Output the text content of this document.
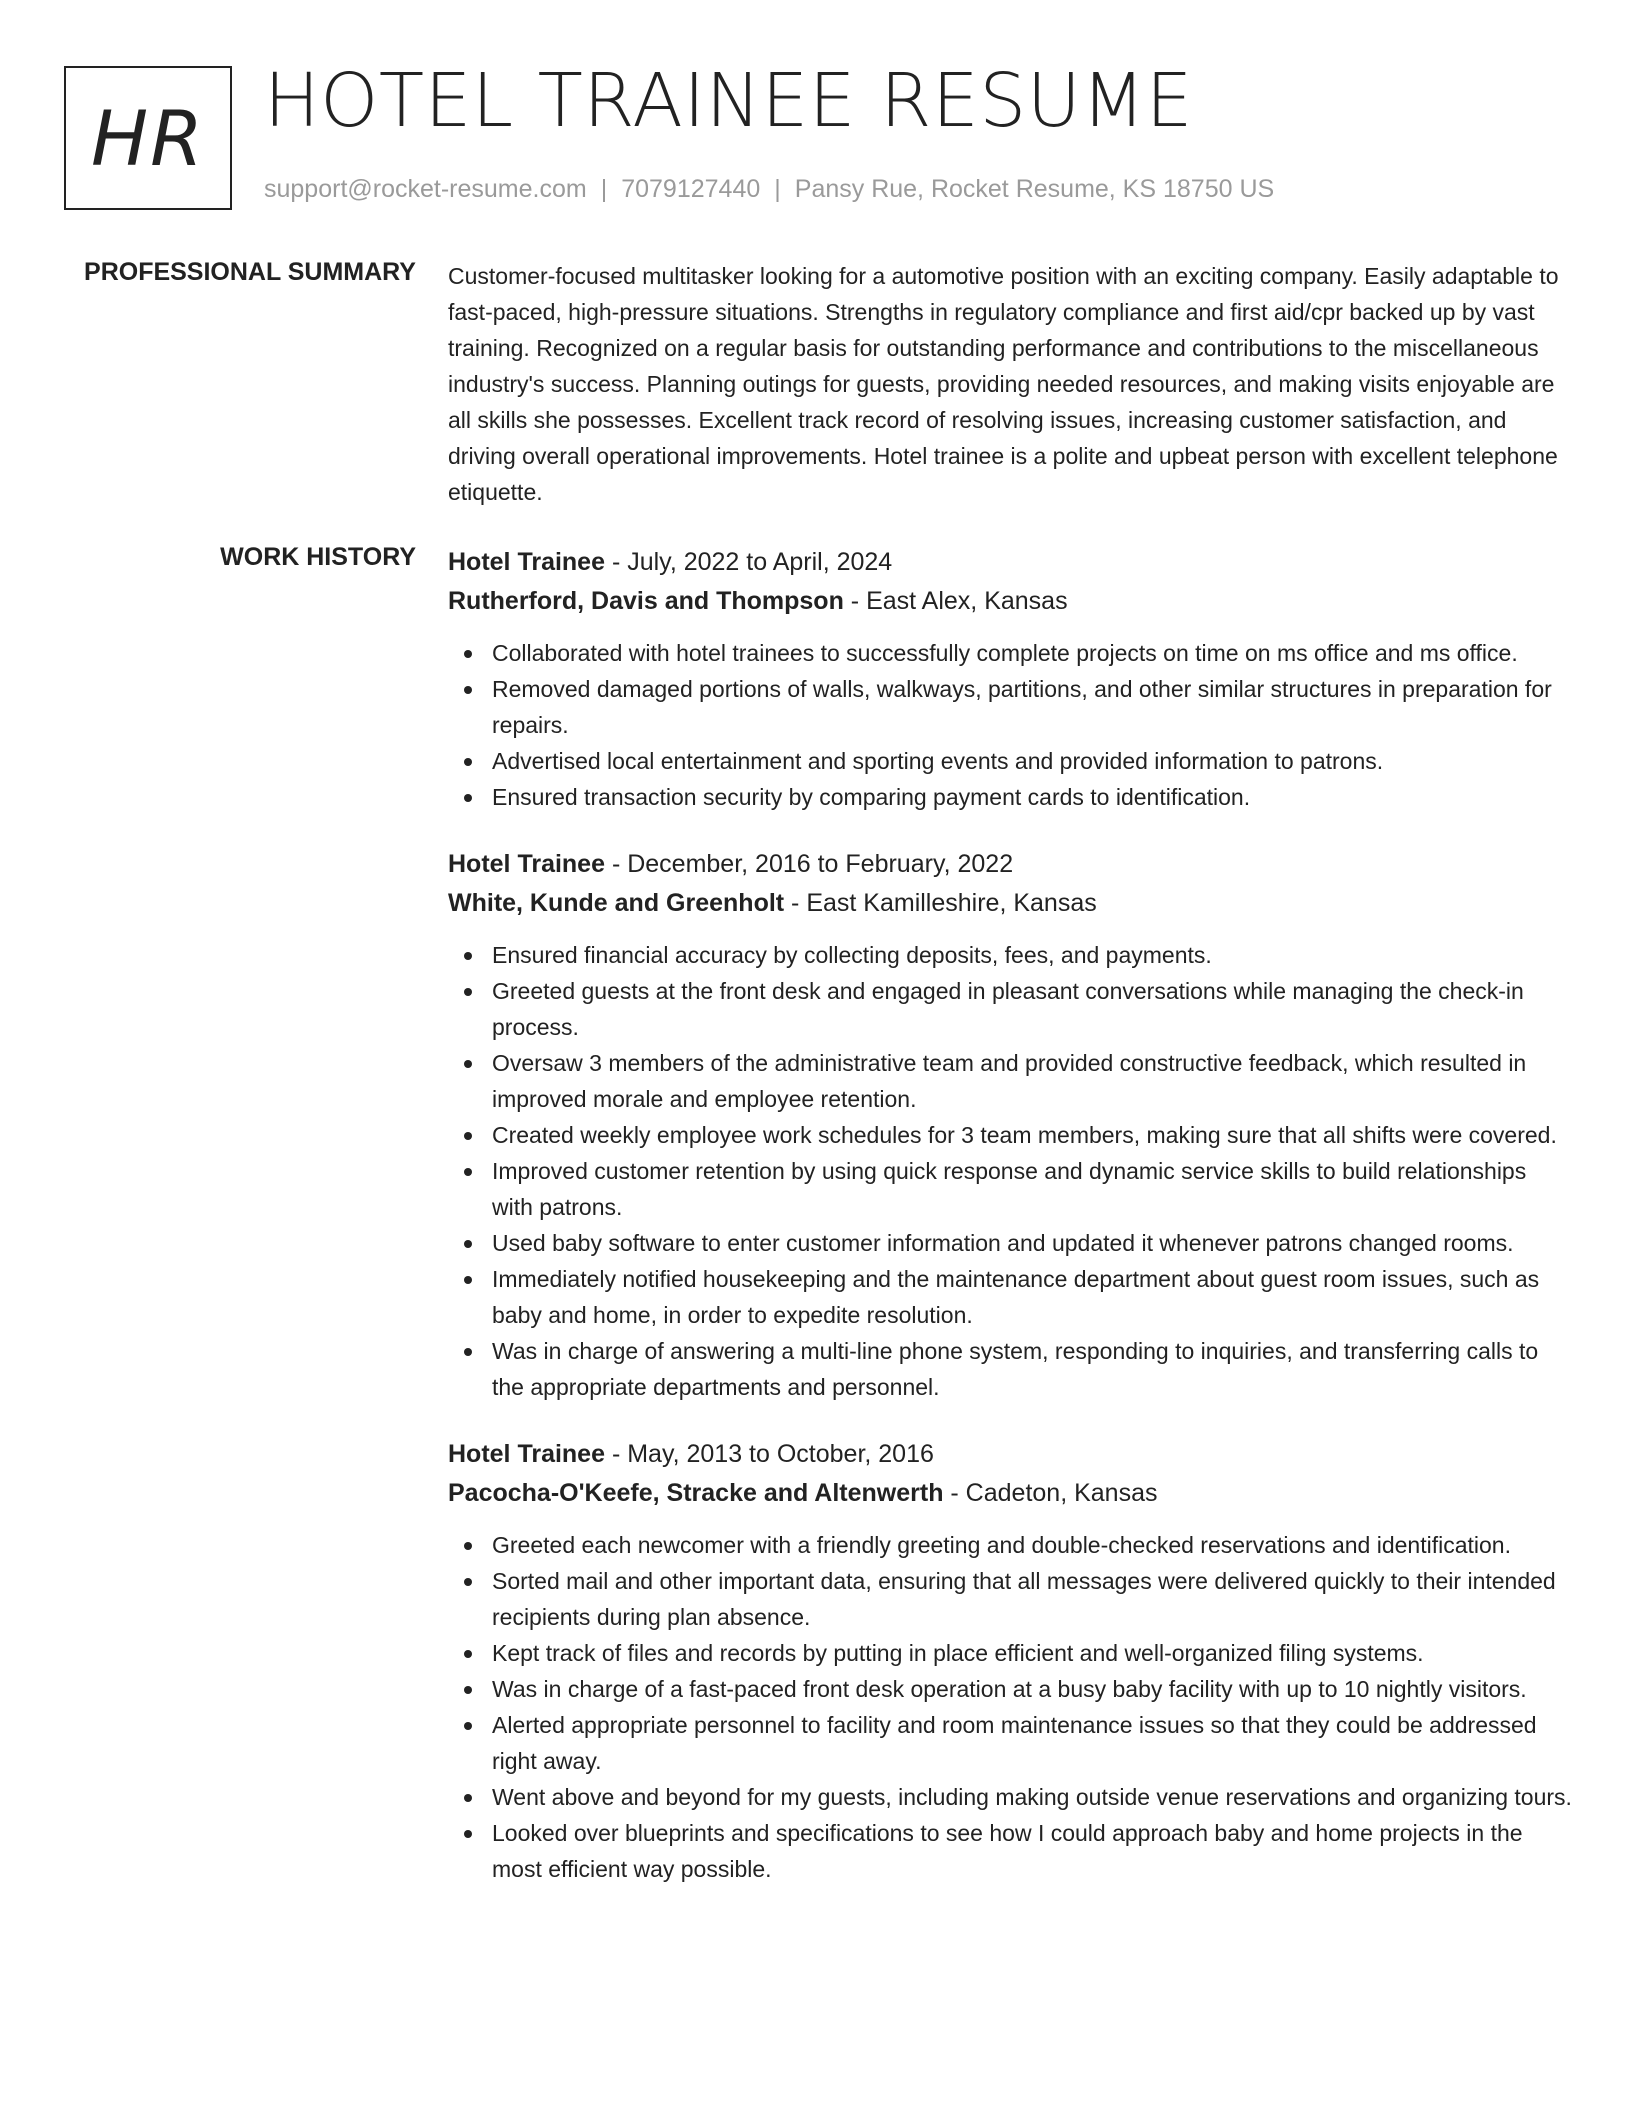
HR HOTEL TRAINEE RESUME
support@rocket-resume.com | 7079127440 | Pansy Rue, Rocket Resume, KS 18750 US
PROFESSIONAL SUMMARY Customer-focused multitasker looking for a automotive position with an exciting company. Easily adaptable to fast-paced, high-pressure situations. Strengths in regulatory compliance and first aid/cpr backed up by vast training. Recognized on a regular basis for outstanding performance and contributions to the miscellaneous industry's success. Planning outings for guests, providing needed resources, and making visits enjoyable are all skills she possesses. Excellent track record of resolving issues, increasing customer satisfaction, and driving overall operational improvements. Hotel trainee is a polite and upbeat person with excellent telephone etiquette.

WORK HISTORY Hotel Trainee - July, 2022 to April, 2024
Rutherford, Davis and Thompson - East Alex, Kansas
Collaborated with hotel trainees to successfully complete projects on time on ms office and ms office.
Removed damaged portions of walls, walkways, partitions, and other similar structures in preparation for repairs.
Advertised local entertainment and sporting events and provided information to patrons.
Ensured transaction security by comparing payment cards to identification.
Hotel Trainee - December, 2016 to February, 2022
White, Kunde and Greenholt - East Kamilleshire, Kansas
Ensured financial accuracy by collecting deposits, fees, and payments.
Greeted guests at the front desk and engaged in pleasant conversations while managing the check-in process.
Oversaw 3 members of the administrative team and provided constructive feedback, which resulted in improved morale and employee retention.
Created weekly employee work schedules for 3 team members, making sure that all shifts were covered.
Improved customer retention by using quick response and dynamic service skills to build relationships with patrons.
Used baby software to enter customer information and updated it whenever patrons changed rooms.
Immediately notified housekeeping and the maintenance department about guest room issues, such as baby and home, in order to expedite resolution.
Was in charge of answering a multi-line phone system, responding to inquiries, and transferring calls to the appropriate departments and personnel.
Hotel Trainee - May, 2013 to October, 2016
Pacocha-O'Keefe, Stracke and Altenwerth - Cadeton, Kansas
Greeted each newcomer with a friendly greeting and double-checked reservations and identification.
Sorted mail and other important data, ensuring that all messages were delivered quickly to their intended recipients during plan absence.
Kept track of files and records by putting in place efficient and well-organized filing systems.
Was in charge of a fast-paced front desk operation at a busy baby facility with up to 10 nightly visitors.
Alerted appropriate personnel to facility and room maintenance issues so that they could be addressed right away.
Went above and beyond for my guests, including making outside venue reservations and organizing tours.
Looked over blueprints and specifications to see how I could approach baby and home projects in the most efficient way possible.
